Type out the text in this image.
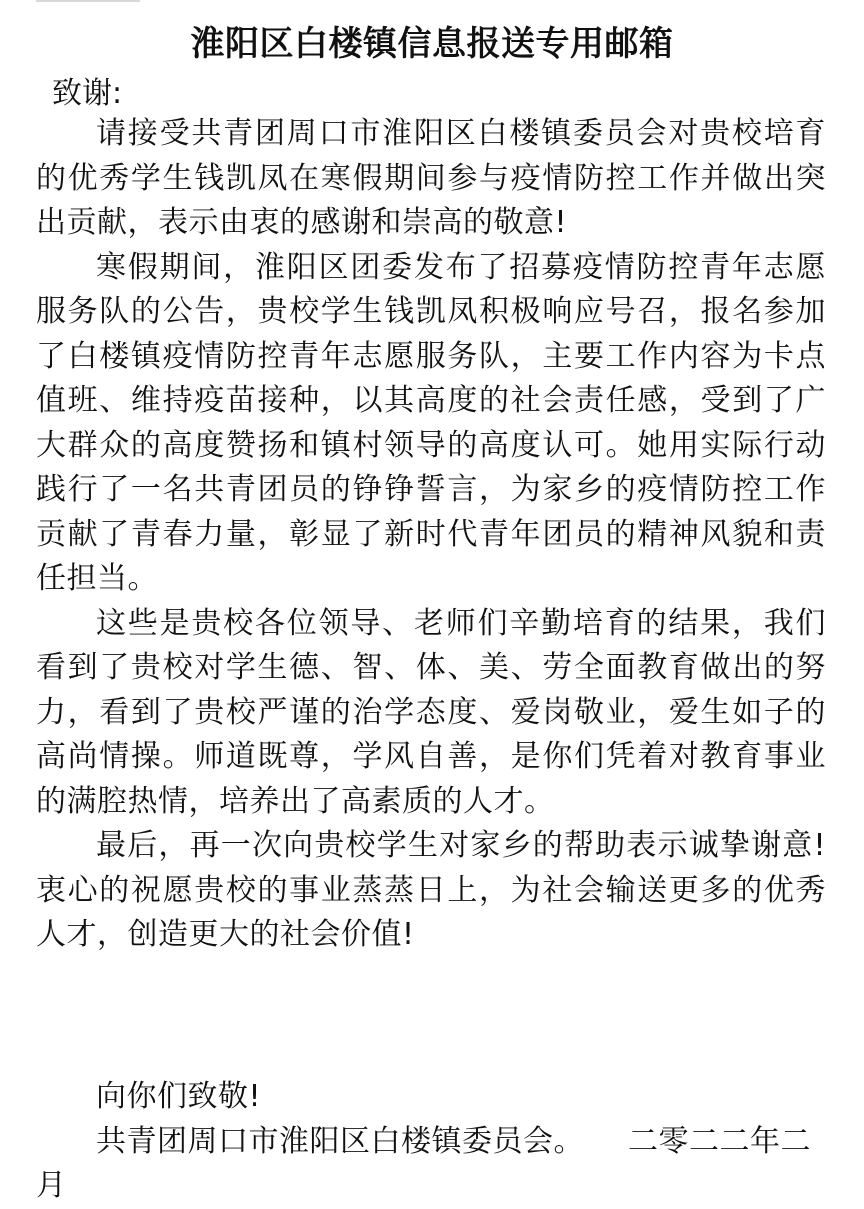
淮阳区白楼镇信息报送专用邮箱
致谢:

请接受共青团周口市淮阳区白楼镇委员会对贵校培育的优秀学生钱凯凤在寒假期间参与疫情防控工作并做出突出贡献，表示由衷的感谢和崇高的敬意!

寒假期间，淮阳区团委发布了招募疫情防控青年志愿服务队的公告，贵校学生钱凯凤积极响应号召，报名参加了白楼镇疫情防控青年志愿服务队，主要工作内容为卡点值班、维持疫苗接种，以其高度的社会责任感，受到了广大群众的高度赞扬和镇村领导的高度认可。她用实际行动践行了一名共青团员的铮铮誓言，为家乡的疫情防控工作贡献了青春力量，彰显了新时代青年团员的精神风貌和责任担当。

这些是贵校各位领导、老师们辛勤培育的结果，我们看到了贵校对学生德、智、体、美、劳全面教育做出的努力，看到了贵校严谨的治学态度、爱岗敬业，爱生如子的高尚情操。师道既尊，学风自善，是你们凭着对教育事业的满腔热情，培养出了高素质的人才。

最后，再一次向贵校学生对家乡的帮助表示诚挚谢意!衷心的祝愿贵校的事业蒸蒸日上，为社会输送更多的优秀人才，创造更大的社会价值!

向你们致敬!

共青团周口市淮阳区白楼镇委员会。 二零二二年二月
